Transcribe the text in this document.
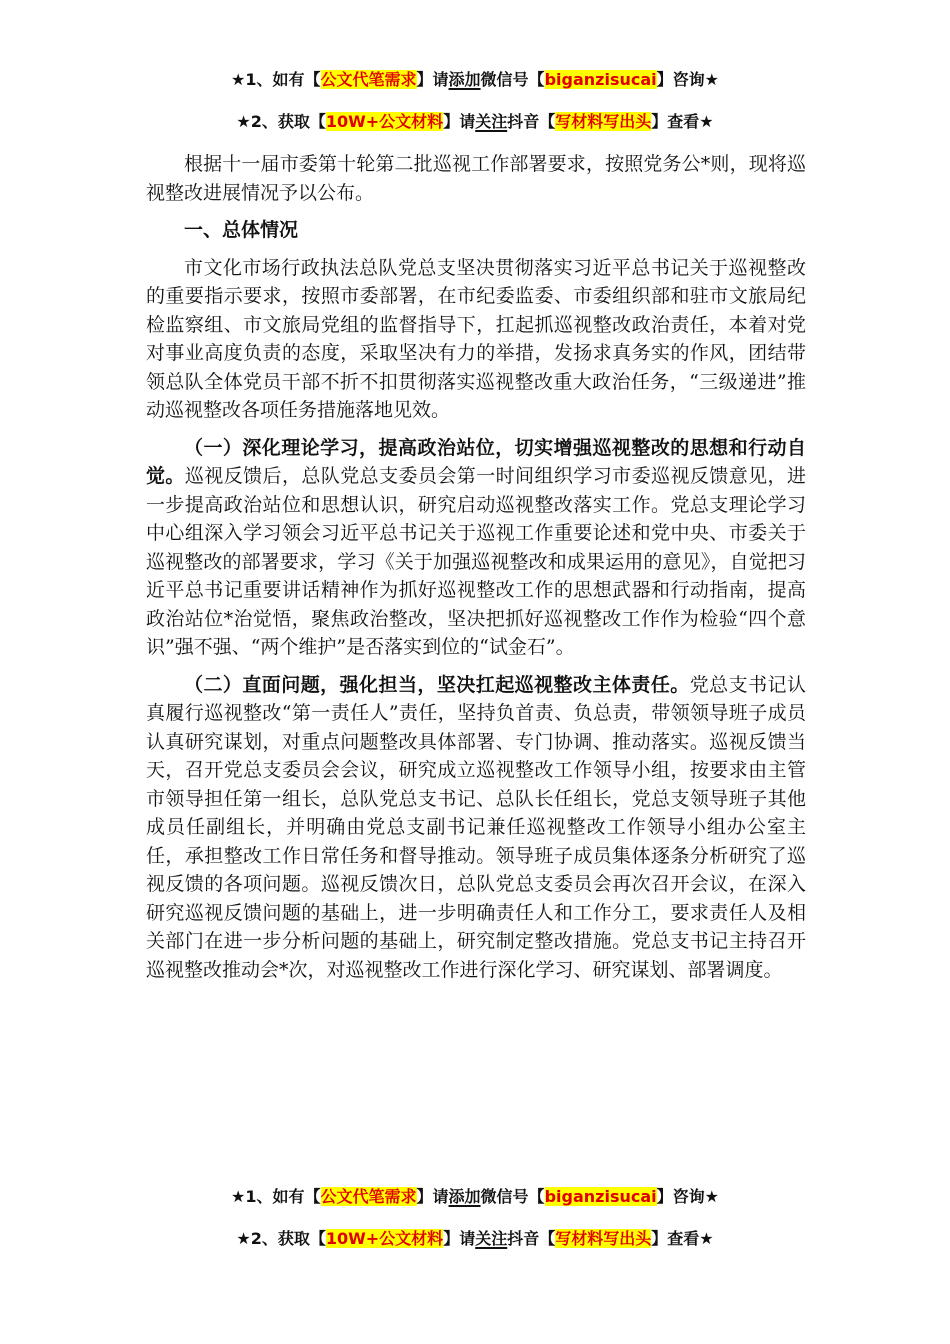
★1、如有【公文代笔需求】请添加微信号【biganzisucai】咨询★
★2、获取【10W+公文材料】请关注抖音【写材料写出头】查看★

根据十一届市委第十轮第二批巡视工作部署要求，按照党务公*则，现将巡视整改进展情况予以公布。

一、总体情况

市文化市场行政执法总队党总支坚决贯彻落实习近平总书记关于巡视整改的重要指示要求，按照市委部署，在市纪委监委、市委组织部和驻市文旅局纪检监察组、市文旅局党组的监督指导下，扛起抓巡视整改政治责任，本着对党对事业高度负责的态度，采取坚决有力的举措，发扬求真务实的作风，团结带领总队全体党员干部不折不扣贯彻落实巡视整改重大政治任务，“三级递进”推动巡视整改各项任务措施落地见效。

（一）深化理论学习，提高政治站位，切实增强巡视整改的思想和行动自觉。巡视反馈后，总队党总支委员会第一时间组织学习市委巡视反馈意见，进一步提高政治站位和思想认识，研究启动巡视整改落实工作。党总支理论学习中心组深入学习领会习近平总书记关于巡视工作重要论述和党中央、市委关于巡视整改的部署要求，学习《关于加强巡视整改和成果运用的意见》，自觉把习近平总书记重要讲话精神作为抓好巡视整改工作的思想武器和行动指南，提高政治站位*治觉悟，聚焦政治整改，坚决把抓好巡视整改工作作为检验“四个意识”强不强、“两个维护”是否落实到位的“试金石”。

（二）直面问题，强化担当，坚决扛起巡视整改主体责任。党总支书记认真履行巡视整改“第一责任人”责任，坚持负首责、负总责，带领领导班子成员认真研究谋划，对重点问题整改具体部署、专门协调、推动落实。巡视反馈当天，召开党总支委员会会议，研究成立巡视整改工作领导小组，按要求由主管市领导担任第一组长，总队党总支书记、总队长任组长，党总支领导班子其他成员任副组长，并明确由党总支副书记兼任巡视整改工作领导小组办公室主任，承担整改工作日常任务和督导推动。领导班子成员集体逐条分析研究了巡视反馈的各项问题。巡视反馈次日，总队党总支委员会再次召开会议，在深入研究巡视反馈问题的基础上，进一步明确责任人和工作分工，要求责任人及相关部门在进一步分析问题的基础上，研究制定整改措施。党总支书记主持召开巡视整改推动会*次，对巡视整改工作进行深化学习、研究谋划、部署调度。

★1、如有【公文代笔需求】请添加微信号【biganzisucai】咨询★
★2、获取【10W+公文材料】请关注抖音【写材料写出头】查看★
